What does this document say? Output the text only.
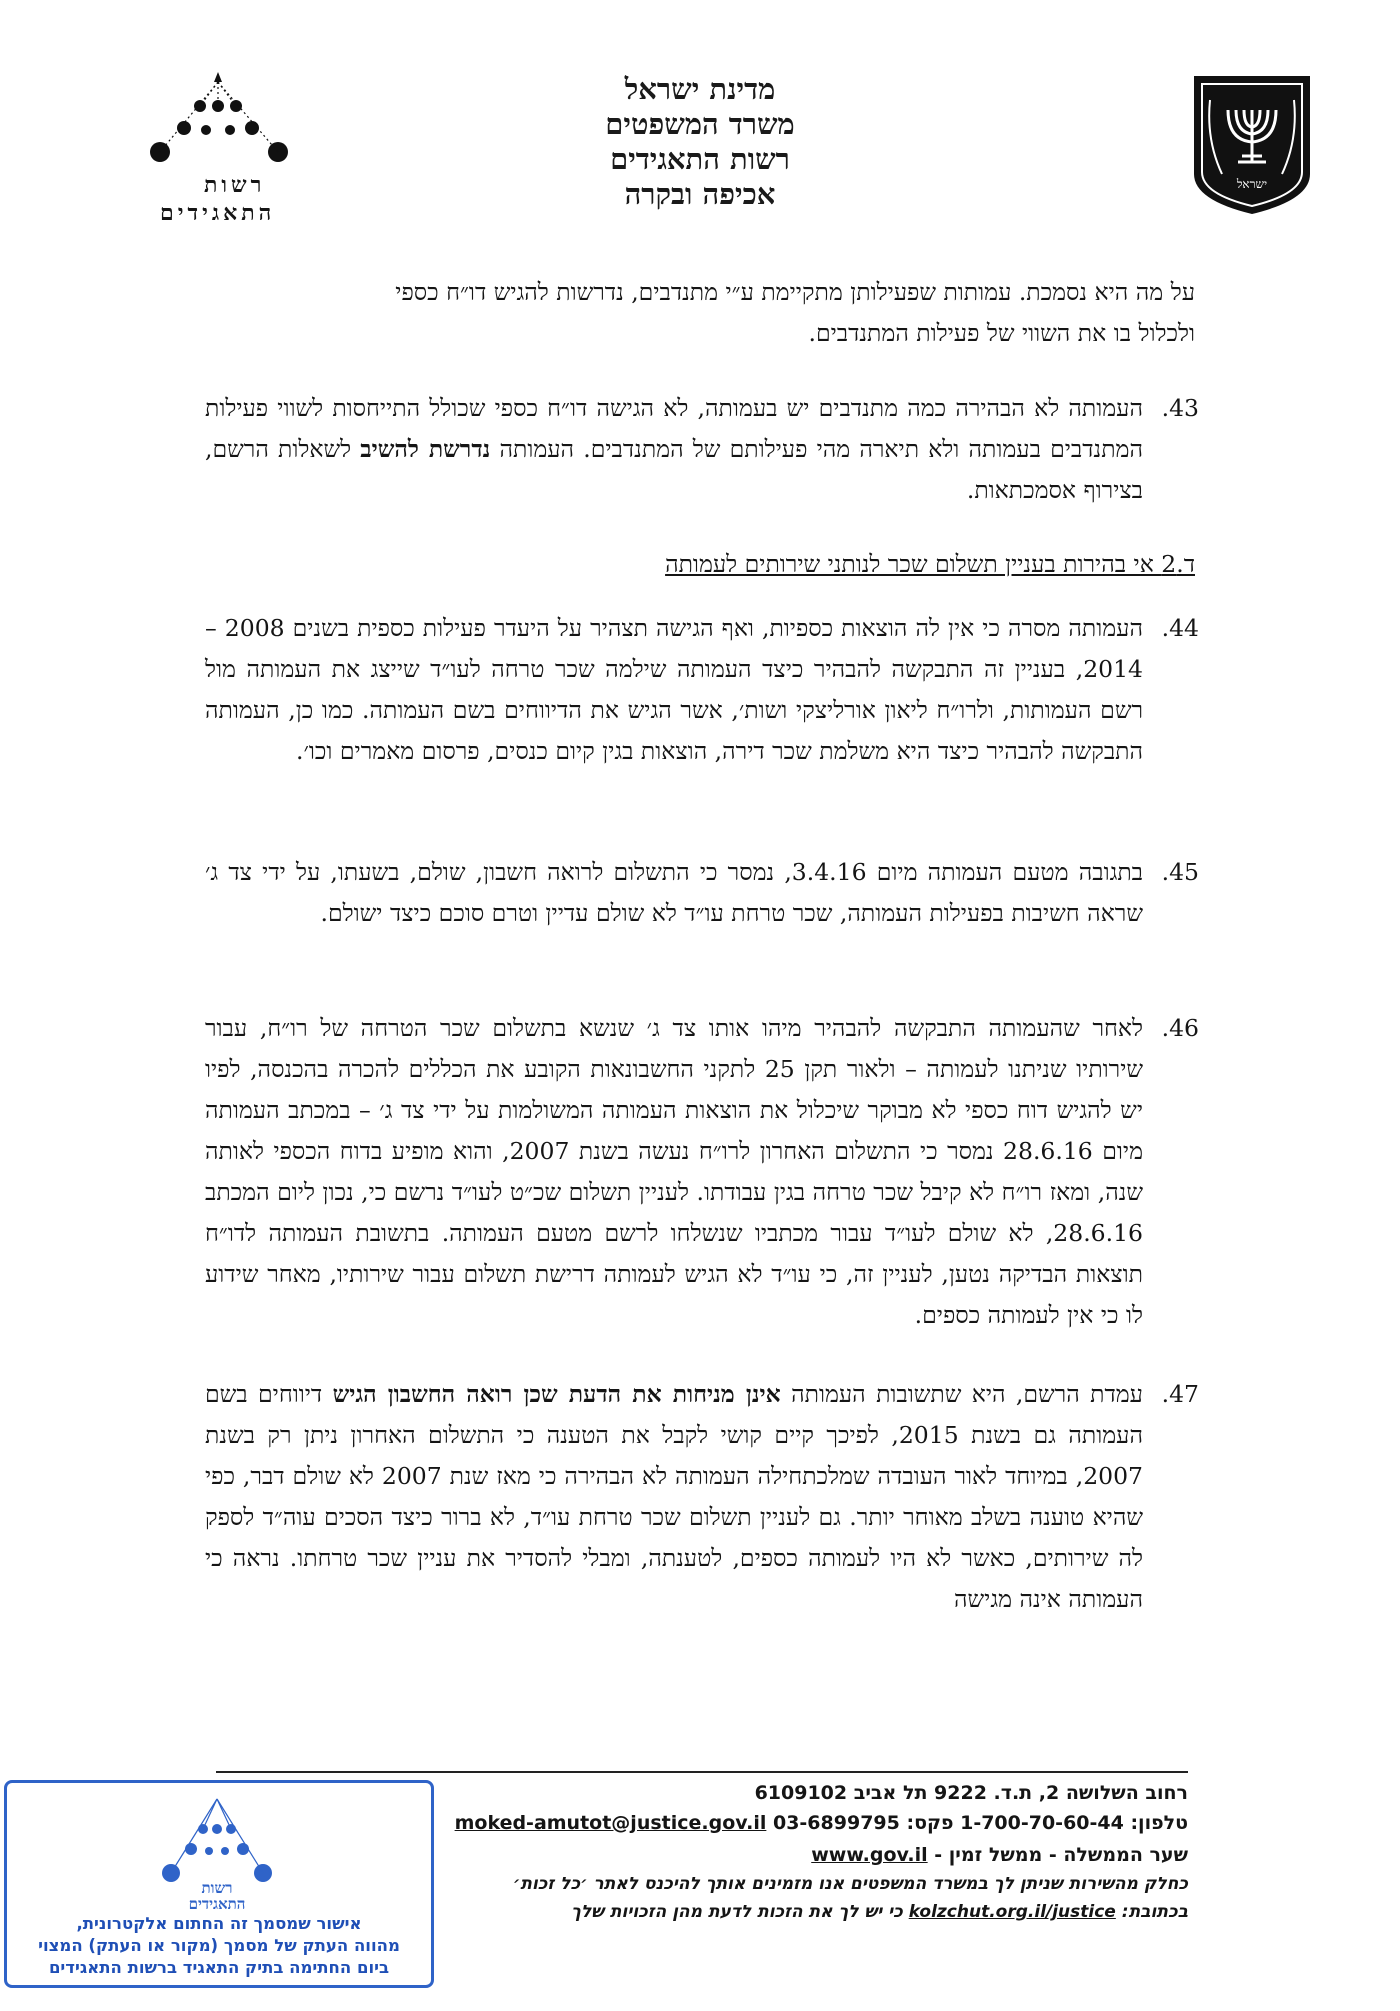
ישראל
מדינת ישראל
משרד המשפטים
רשות התאגידים
אכיפה ובקרה
רשות
התאגידים
על מה היא נסמכת. עמותות שפעילותן מתקיימת ע״י מתנדבים, נדרשות להגיש דו״ח כספי
ולכלול בו את השווי של פעילות המתנדבים.
.43
העמותה לא הבהירה כמה מתנדבים יש בעמותה, לא הגישה דו״ח כספי שכולל התייחסות לשווי פעילות המתנדבים בעמותה ולא תיארה מהי פעילותם של המתנדבים. העמותה נדרשת להשיב לשאלות הרשם, בצירוף אסמכתאות.
ד.2 אי בהירות בעניין תשלום שכר לנותני שירותים לעמותה
.44
העמותה מסרה כי אין לה הוצאות כספיות, ואף הגישה תצהיר על היעדר פעילות כספית בשנים 2008 – 2014, בעניין זה התבקשה להבהיר כיצד העמותה שילמה שכר טרחה לעו״ד שייצג את העמותה מול רשם העמותות, ולרו״ח ליאון אורליצקי ושות׳, אשר הגיש את הדיווחים בשם העמותה. כמו כן, העמותה התבקשה להבהיר כיצד היא משלמת שכר דירה, הוצאות בגין קיום כנסים, פרסום מאמרים וכו׳.
.45
בתגובה מטעם העמותה מיום 3.4.16, נמסר כי התשלום לרואה חשבון, שולם, בשעתו, על ידי צד ג׳ שראה חשיבות בפעילות העמותה, שכר טרחת עו״ד לא שולם עדיין וטרם סוכם כיצד ישולם.
.46
לאחר שהעמותה התבקשה להבהיר מיהו אותו צד ג׳ שנשא בתשלום שכר הטרחה של רו״ח, עבור שירותיו שניתנו לעמותה – ולאור תקן 25 לתקני החשבונאות הקובע את הכללים להכרה בהכנסה, לפיו יש להגיש דוח כספי לא מבוקר שיכלול את הוצאות העמותה המשולמות על ידי צד ג׳ – במכתב העמותה מיום 28.6.16 נמסר כי התשלום האחרון לרו״ח נעשה בשנת 2007, והוא מופיע בדוח הכספי לאותה שנה, ומאז רו״ח לא קיבל שכר טרחה בגין עבודתו. לעניין תשלום שכ״ט לעו״ד נרשם כי, נכון ליום המכתב 28.6.16, לא שולם לעו״ד עבור מכתביו שנשלחו לרשם מטעם העמותה. בתשובת העמותה לדו״ח תוצאות הבדיקה נטען, לעניין זה, כי עו״ד לא הגיש לעמותה דרישת תשלום עבור שירותיו, מאחר שידוע לו כי אין לעמותה כספים.
.47
עמדת הרשם, היא שתשובות העמותה אינן מניחות את הדעת שכן רואה החשבון הגיש דיווחים בשם העמותה גם בשנת 2015, לפיכך קיים קושי לקבל את הטענה כי התשלום האחרון ניתן רק בשנת 2007, במיוחד לאור העובדה שמלכתחילה העמותה לא הבהירה כי מאז שנת 2007 לא שולם דבר, כפי שהיא טוענה בשלב מאוחר יותר. גם לעניין תשלום שכר טרחת עו״ד, לא ברור כיצד הסכים עוה״ד לספק לה שירותים, כאשר לא היו לעמותה כספים, לטענתה, ומבלי להסדיר את עניין שכר טרחתו. נראה כי העמותה אינה מגישה
רחוב השלושה 2, ת.ד. 9222 תל אביב 6109102
טלפון: 1-700-70-60-44 פקס: 03-6899795 moked-amutot@justice.gov.il
שער הממשלה - ממשל זמין - www.gov.il
כחלק מהשירות שניתן לך במשרד המשפטים אנו מזמינים אותך להיכנס לאתר ׳כל זכות׳
בכתובת: kolzchut.org.il/justice כי יש לך את הזכות לדעת מהן הזכויות שלך
רשות
התאגידים
אישור שמסמך זה החתום אלקטרונית,
מהווה העתק של מסמך (מקור או העתק) המצוי
ביום החתימה בתיק התאגיד ברשות התאגידים
